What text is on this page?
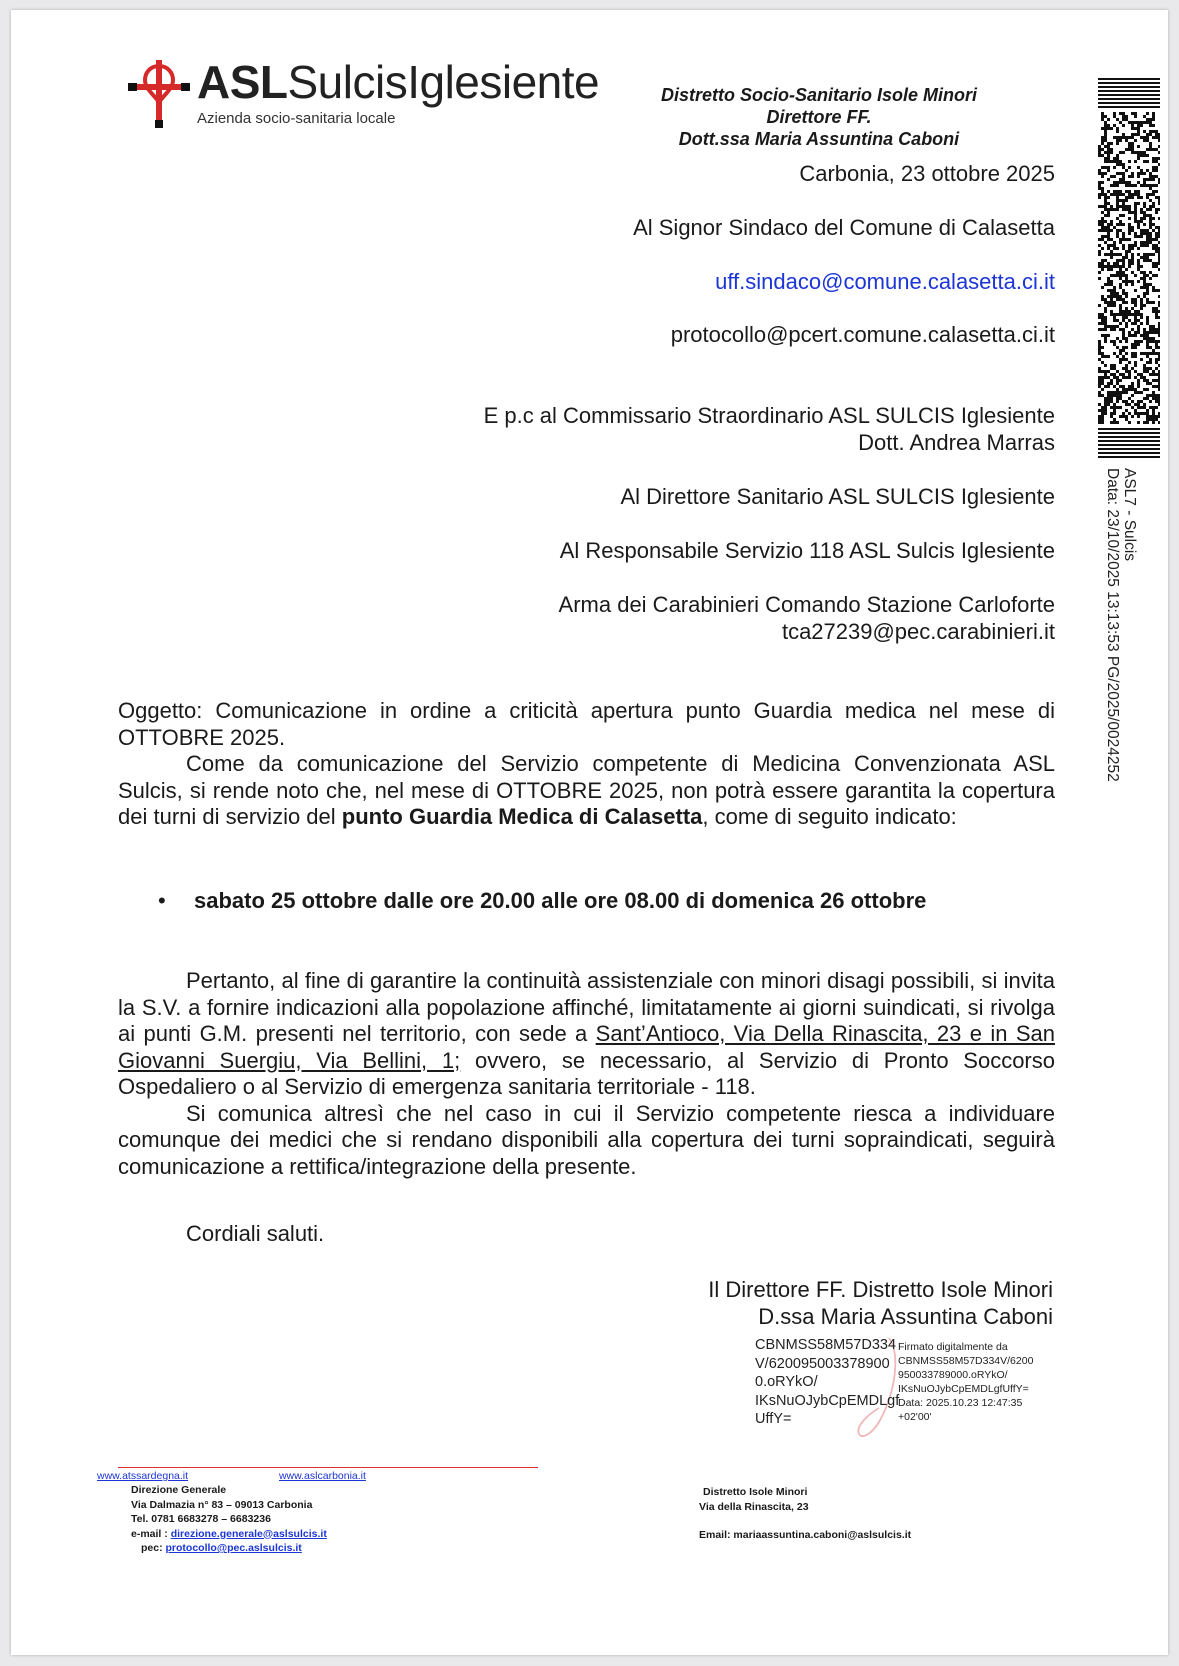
ASLSulcisIglesiente
Azienda socio-sanitaria locale
Distretto Socio-Sanitario Isole Minori
Direttore FF.
Dott.ssa Maria Assuntina Caboni
Carbonia, 23 ottobre 2025
Al Signor Sindaco del Comune di Calasetta
uff.sindaco@comune.calasetta.ci.it
protocollo@pcert.comune.calasetta.ci.it
E p.c al Commissario Straordinario ASL SULCIS Iglesiente
Dott. Andrea Marras
Al Direttore Sanitario ASL SULCIS Iglesiente
Al Responsabile Servizio 118 ASL Sulcis Iglesiente
Arma dei Carabinieri Comando Stazione Carloforte
tca27239@pec.carabinieri.it

Oggetto: Comunicazione in ordine a criticità apertura punto Guardia medica nel mese di OTTOBRE 2025.

Come da comunicazione del Servizio competente di Medicina Convenzionata ASL Sulcis, si rende noto che, nel mese di OTTOBRE 2025, non potrà essere garantita la copertura dei turni di servizio del punto Guardia Medica di Calasetta, come di seguito indicato:

• sabato 25 ottobre dalle ore 20.00 alle ore 08.00 di domenica 26 ottobre

Pertanto, al fine di garantire la continuità assistenziale con minori disagi possibili, si invita la S.V. a fornire indicazioni alla popolazione affinché, limitatamente ai giorni suindicati, si rivolga ai punti G.M. presenti nel territorio, con sede a Sant’Antioco, Via Della Rinascita, 23 e in San Giovanni Suergiu, Via Bellini, 1; ovvero, se necessario, al Servizio di Pronto Soccorso Ospedaliero o al Servizio di emergenza sanitaria territoriale - 118.

Si comunica altresì che nel caso in cui il Servizio competente riesca a individuare comunque dei medici che si rendano disponibili alla copertura dei turni sopraindicati, seguirà comunicazione a rettifica/integrazione della presente.

Cordiali saluti.
Il Direttore FF. Distretto Isole Minori
D.ssa Maria Assuntina Caboni
CBNMSS58M57D334
V/620095003378900
0.oRYkO/
IKsNuOJybCpEMDLgf
UffY=
Firmato digitalmente da
CBNMSS58M57D334V/6200
950033789000.oRYkO/
IKsNuOJybCpEMDLgfUffY=
Data: 2025.10.23 12:47:35
+02'00'
www.atssardegna.it	www.aslcarbonia.it
Direzione Generale
Via Dalmazia n° 83 – 09013 Carbonia
Tel. 0781 6683278 – 6683236
e-mail : direzione.generale@aslsulcis.it
pec: protocollo@pec.aslsulcis.it
Distretto Isole Minori
Via della Rinascita, 23
Email: mariaassuntina.caboni@aslsulcis.it
ASL7 - Sulcis
Data: 23/10/2025 13:13:53 PG/2025/0024252
